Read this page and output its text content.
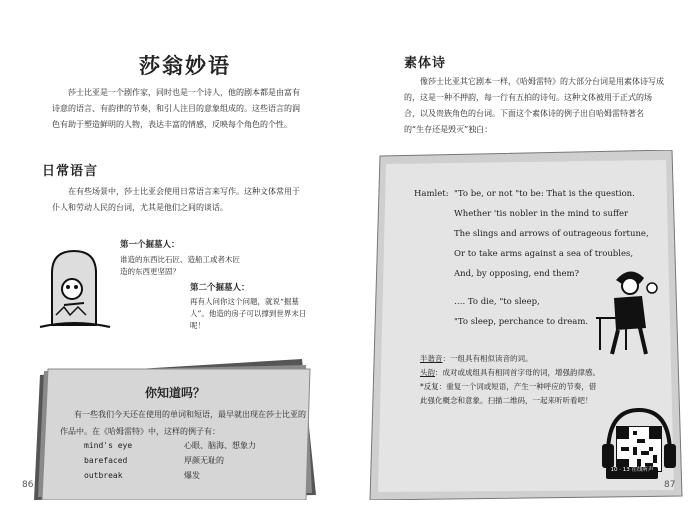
莎翁妙语
莎士比亚是一个剧作家，同时也是一个诗人，他的剧本都是由富有诗意的语言、有韵律的节奏，和引人注目的意象组成的。这些语言的润色有助于塑造鲜明的人物，表达丰富的情感，反映每个角色的个性。
日常语言
在有些场景中，莎士比亚会使用日常语言来写作。这种文体常用于仆人和劳动人民的台词，尤其是他们之间的谈话。
第一个掘墓人：
谁造的东西比石匠、造船工或者木匠造的东西更坚固？
第二个掘墓人：
再有人问你这个问题，就说“掘墓人”。他造的房子可以撑到世界末日呢！
你知道吗？
有一些我们今天还在使用的单词和短语，最早就出现在莎士比亚的作品中。在《哈姆雷特》中，这样的例子有：
mind's eye	心眼、脑海、想象力
barefaced	厚颜无耻的
outbreak	爆发
86
素体诗
像莎士比亚其它剧本一样，《哈姆雷特》的大部分台词是用素体诗写成的，这是一种不押韵，每一行有五拍的诗句。这种文体被用于正式的场合，以及贵族角色的台词。下面这个素体诗的例子出自哈姆雷特著名的“生存还是毁灭”独白：
Hamlet: "To be, or not "to be: That is the question.
Whether 'tis nobler in the mind to suffer
The slings and arrows of outrageous fortune,
Or to take arms against a sea of troubles,
And, by opposing, end them?
…. To die, "to sleep,
"To sleep, perchance to dream.
半谐音：一组具有相似读音的词。
头韵：成对或成组具有相同首字母的词，增强韵律感。
*反复：重复一个词或短语，产生一种呼应的节奏，借此强化概念和意象。扫描二维码，一起来听听看吧！
10 · 13 在线听声
87
